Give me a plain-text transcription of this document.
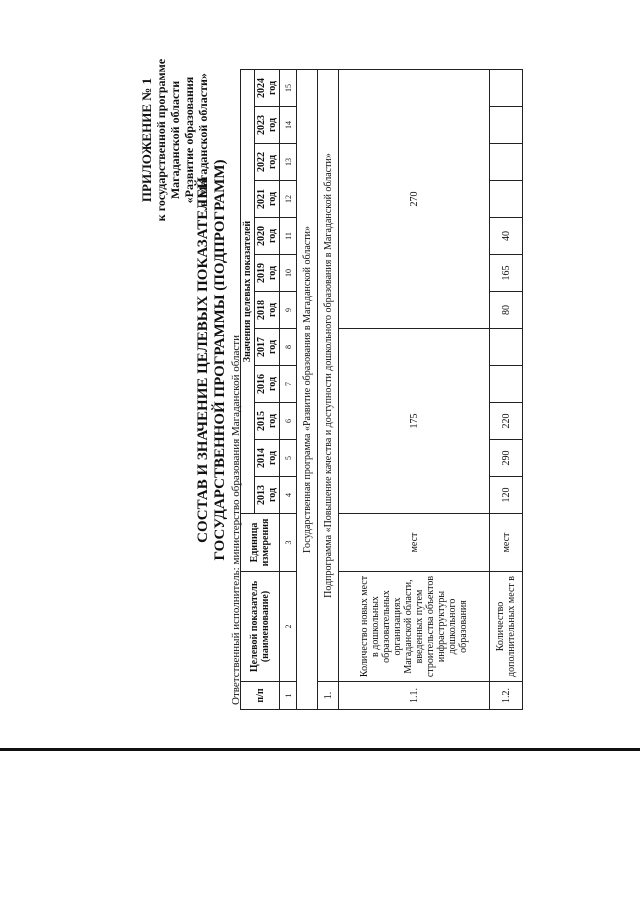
ПРИЛОЖЕНИЕ № 1 к государственной программе Магаданской области «Развитие образования в Магаданской области»
СОСТАВ И ЗНАЧЕНИЕ ЦЕЛЕВЫХ ПОКАЗАТЕЛЕЙ ГОСУДАРСТВЕННОЙ ПРОГРАММЫ (ПОДПРОГРАММ) Ответственный исполнитель: министерство образования Магаданской области п/п	Целевой показатель (наименование)	Единица измерения	Значения целевых показателей											
			2013 год	2014 год	2015 год	2016 год	2017 год	2018 год	2019 год	2020 год	2021 год	2022 год	2023 год	2024 год
1	2	3	4	5	6	7	8	9	10	11	12	13	14	15
Государственная программа «Развитие образования в Магаданской области»														
1.	Подпрограмма «Повышение качества и доступности дошкольного образования в Магаданской области»													
1.1.	Количество новых мест в дошкольных образовательных организациях Магаданской области, введенных путем строительства объектов инфраструктуры дошкольного образования	мест	175					270						
1.2.	Количество дополнительных мест в	мест	120	290	220			80	165	40				
